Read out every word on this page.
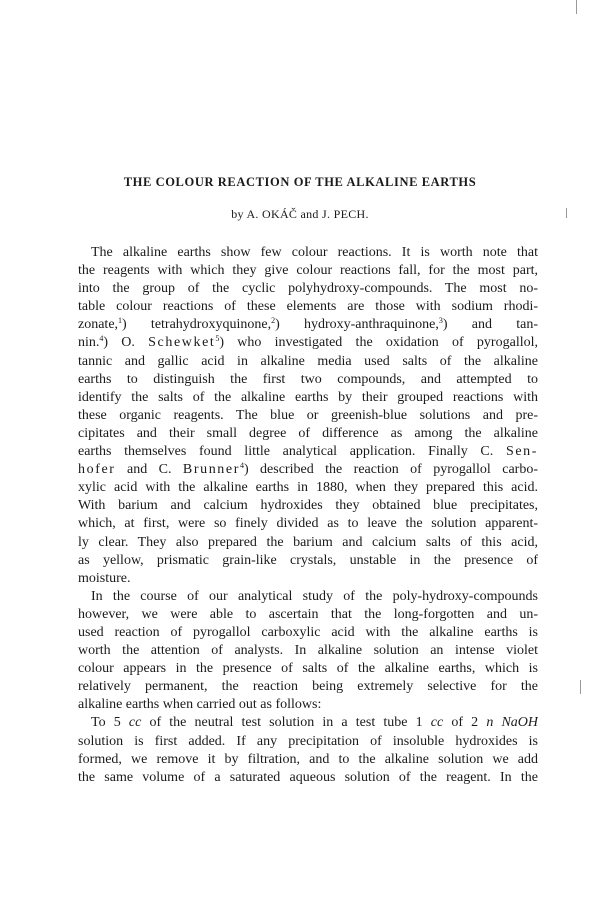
THE COLOUR REACTION OF THE ALKALINE EARTHS
by A. OKÁČ and J. PECH.
The alkaline earths show few colour reactions. It is worth note that
the reagents with which they give colour reactions fall, for the most part,
into the group of the cyclic polyhydroxy-compounds. The most no-
table colour reactions of these elements are those with sodium rhodi-
zonate,$^1$) tetrahydroxyquinone,$^2$) hydroxy-anthraquinone,$^3$) and tan-
nin.$^4$) O. Schewket$^5$) who investigated the oxidation of pyrogallol,
tannic and gallic acid in alkaline media used salts of the alkaline
earths to distinguish the first two compounds, and attempted to
identify the salts of the alkaline earths by their grouped reactions with
these organic reagents. The blue or greenish-blue solutions and pre-
cipitates and their small degree of difference as among the alkaline
earths themselves found little analytical application. Finally C. Sen-
hofer and C. Brunner$^4$) described the reaction of pyrogallol carbo-
xylic acid with the alkaline earths in 1880, when they prepared this acid.
With barium and calcium hydroxides they obtained blue precipitates,
which, at first, were so finely divided as to leave the solution apparent-
ly clear. They also prepared the barium and calcium salts of this acid,
as yellow, prismatic grain-like crystals, unstable in the presence of
moisture.
In the course of our analytical study of the poly-hydroxy-compounds
however, we were able to ascertain that the long-forgotten and un-
used reaction of pyrogallol carboxylic acid with the alkaline earths is
worth the attention of analysts. In alkaline solution an intense violet
colour appears in the presence of salts of the alkaline earths, which is
relatively permanent, the reaction being extremely selective for the
alkaline earths when carried out as follows:
To 5 cc of the neutral test solution in a test tube 1 cc of 2 n NaOH
solution is first added. If any precipitation of insoluble hydroxides is
formed, we remove it by filtration, and to the alkaline solution we add
the same volume of a saturated aqueous solution of the reagent. In the
